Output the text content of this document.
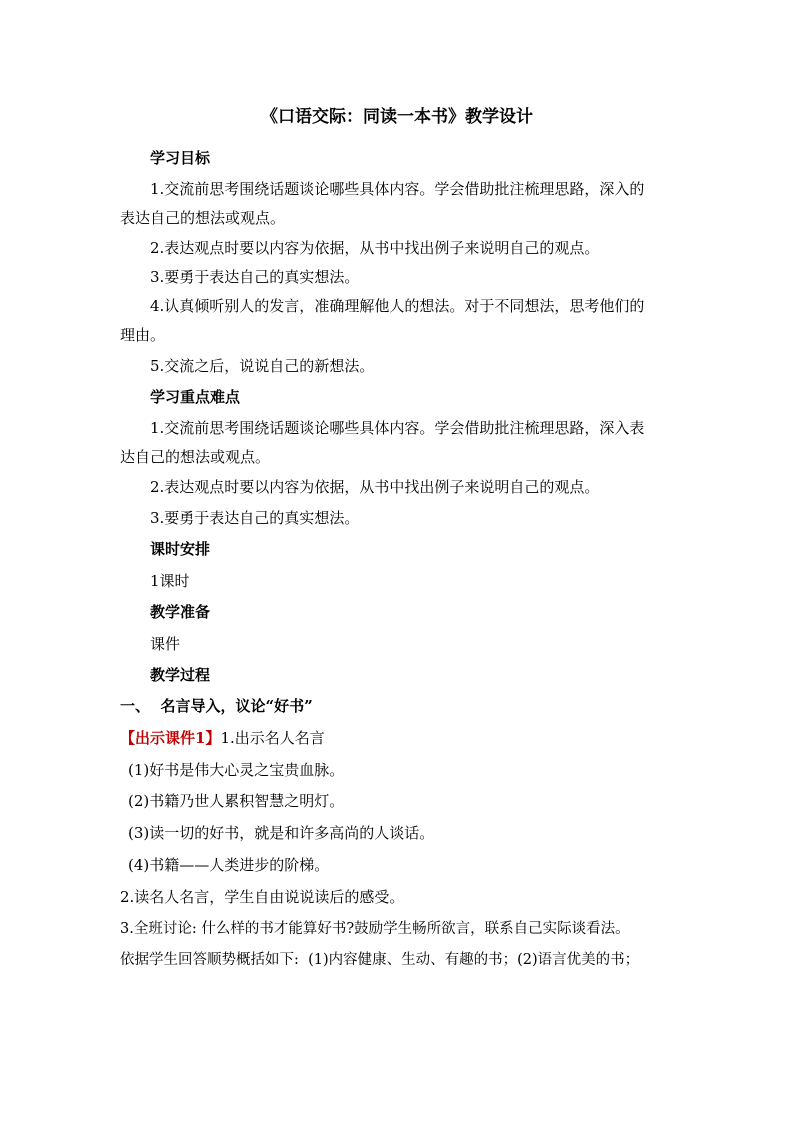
《口语交际：同读一本书》教学设计
学习目标
1.交流前思考围绕话题谈论哪些具体内容。学会借助批注梳理思路，深入的
表达自己的想法或观点。
2.表达观点时要以内容为依据，从书中找出例子来说明自己的观点。
3.要勇于表达自己的真实想法。
4.认真倾听别人的发言，准确理解他人的想法。对于不同想法，思考他们的
理由。
5.交流之后，说说自己的新想法。
学习重点难点
1.交流前思考围绕话题谈论哪些具体内容。学会借助批注梳理思路，深入表
达自己的想法或观点。
2.表达观点时要以内容为依据，从书中找出例子来说明自己的观点。
3.要勇于表达自己的真实想法。
课时安排
1课时
教学准备
课件
教学过程
一、  名言导入，议论“好书”
【出示课件1】1.出示名人名言
(1)好书是伟大心灵之宝贵血脉。
(2)书籍乃世人累积智慧之明灯。
(3)读一切的好书，就是和许多高尚的人谈话。
(4)书籍——人类进步的阶梯。
2.读名人名言，学生自由说说读后的感受。
3.全班讨论: 什么样的书才能算好书?鼓励学生畅所欲言，联系自己实际谈看法。
依据学生回答顺势概括如下:  (1)内容健康、生动、有趣的书；(2)语言优美的书；
